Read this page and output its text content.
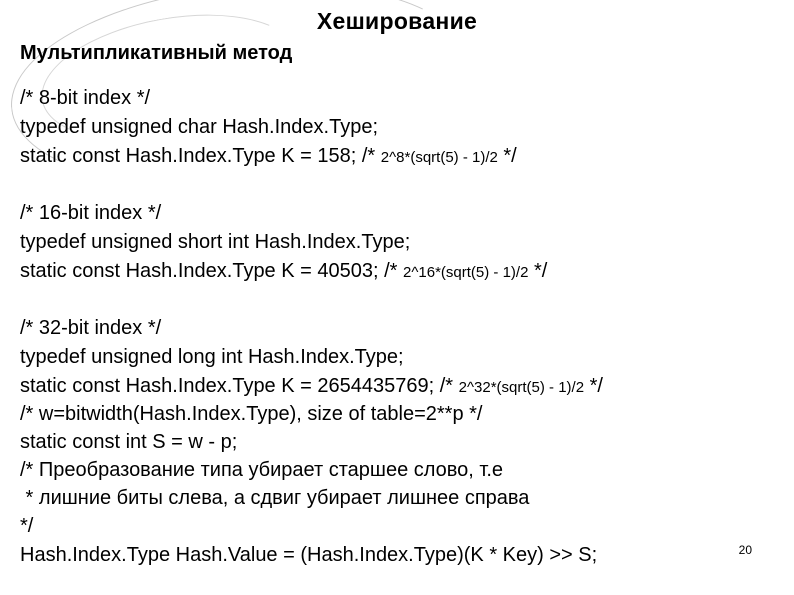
Хеширование
Мультипликативный метод
/* 8-bit index */
typedef unsigned char Hash.Index.Type;
static const Hash.Index.Type K = 158; /* 2^8*(sqrt(5) - 1)/2 */
/* 16-bit index */
typedef unsigned short int Hash.Index.Type;
static const Hash.Index.Type K = 40503; /* 2^16*(sqrt(5) - 1)/2 */
/* 32-bit index */
typedef unsigned long int Hash.Index.Type;
static const Hash.Index.Type K = 2654435769; /* 2^32*(sqrt(5) - 1)/2 */
/* w=bitwidth(Hash.Index.Type), size of table=2**p */
static const int S = w - p;
/* Преобразование типа убирает старшее слово, т.е
* лишние биты слева, а сдвиг убирает лишнее справа
*/
Hash.Index.Type Hash.Value = (Hash.Index.Type)(K * Key) >> S;	20
